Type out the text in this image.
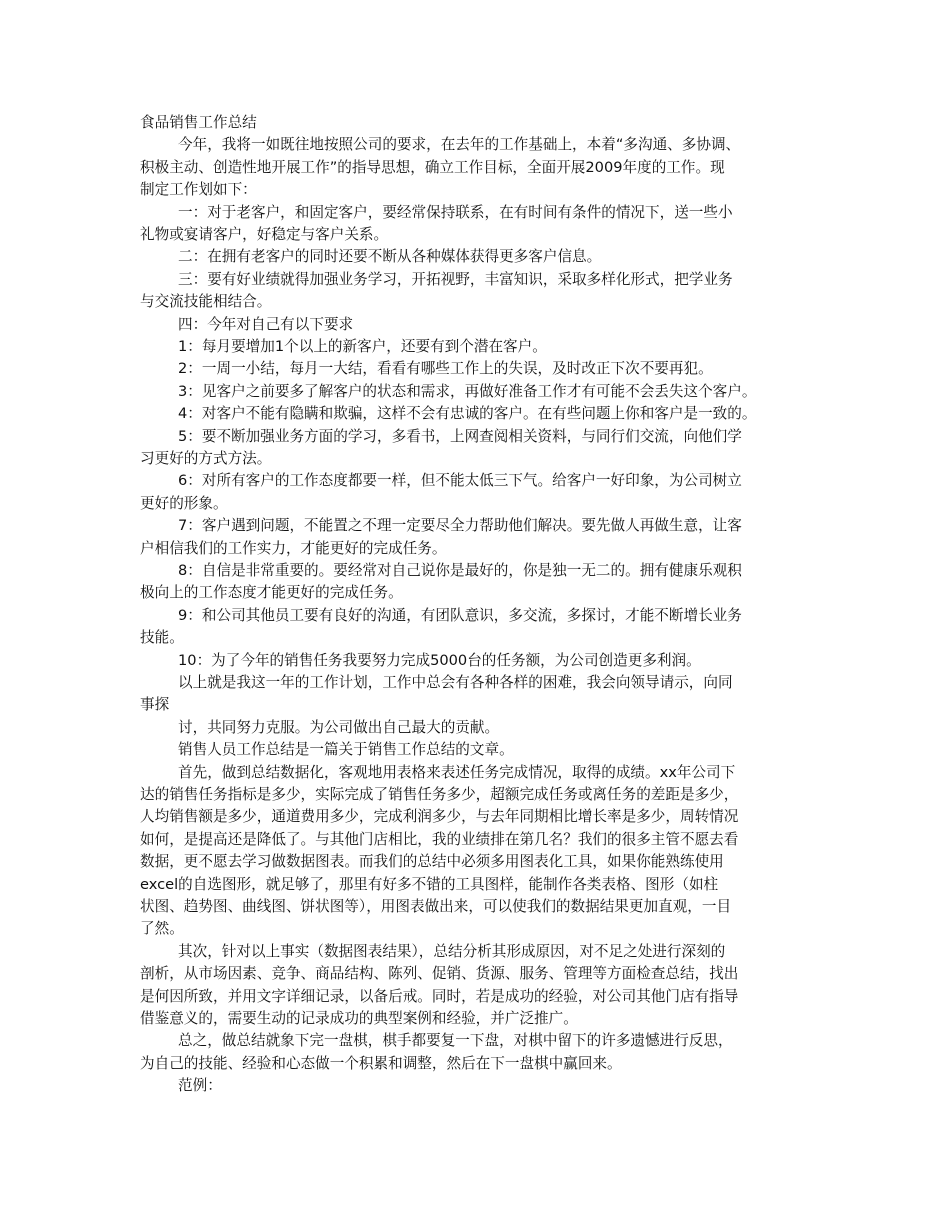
食品销售工作总结
今年，我将一如既往地按照公司的要求，在去年的工作基础上，本着“多沟通、多协调、
积极主动、创造性地开展工作”的指导思想，确立工作目标，全面开展2009年度的工作。现
制定工作划如下：
一：对于老客户，和固定客户，要经常保持联系，在有时间有条件的情况下，送一些小
礼物或宴请客户，好稳定与客户关系。
二：在拥有老客户的同时还要不断从各种媒体获得更多客户信息。
三：要有好业绩就得加强业务学习，开拓视野，丰富知识，采取多样化形式，把学业务
与交流技能相结合。
四：今年对自己有以下要求
1：每月要增加1个以上的新客户，还要有到个潜在客户。
2：一周一小结，每月一大结，看看有哪些工作上的失误，及时改正下次不要再犯。
3：见客户之前要多了解客户的状态和需求，再做好准备工作才有可能不会丢失这个客户。
4：对客户不能有隐瞒和欺骗，这样不会有忠诚的客户。在有些问题上你和客户是一致的。
5：要不断加强业务方面的学习，多看书，上网查阅相关资料，与同行们交流，向他们学
习更好的方式方法。
6：对所有客户的工作态度都要一样，但不能太低三下气。给客户一好印象，为公司树立
更好的形象。
7：客户遇到问题，不能置之不理一定要尽全力帮助他们解决。要先做人再做生意，让客
户相信我们的工作实力，才能更好的完成任务。
8：自信是非常重要的。要经常对自己说你是最好的，你是独一无二的。拥有健康乐观积
极向上的工作态度才能更好的完成任务。
9：和公司其他员工要有良好的沟通，有团队意识，多交流，多探讨，才能不断增长业务
技能。
10：为了今年的销售任务我要努力完成5000台的任务额，为公司创造更多利润。
以上就是我这一年的工作计划，工作中总会有各种各样的困难，我会向领导请示，向同
事探
讨，共同努力克服。为公司做出自己最大的贡献。
销售人员工作总结是一篇关于销售工作总结的文章。
首先，做到总结数据化，客观地用表格来表述任务完成情况，取得的成绩。xx年公司下
达的销售任务指标是多少，实际完成了销售任务多少，超额完成任务或离任务的差距是多少，
人均销售额是多少，通道费用多少，完成利润多少，与去年同期相比增长率是多少，周转情况
如何，是提高还是降低了。与其他门店相比，我的业绩排在第几名？我们的很多主管不愿去看
数据，更不愿去学习做数据图表。而我们的总结中必须多用图表化工具，如果你能熟练使用
excel的自选图形，就足够了，那里有好多不错的工具图样，能制作各类表格、图形（如柱
状图、趋势图、曲线图、饼状图等），用图表做出来，可以使我们的数据结果更加直观，一目
了然。
其次，针对以上事实（数据图表结果），总结分析其形成原因，对不足之处进行深刻的
剖析，从市场因素、竞争、商品结构、陈列、促销、货源、服务、管理等方面检查总结，找出
是何因所致，并用文字详细记录，以备后戒。同时，若是成功的经验，对公司其他门店有指导
借鉴意义的，需要生动的记录成功的典型案例和经验，并广泛推广。
总之，做总结就象下完一盘棋，棋手都要复一下盘，对棋中留下的许多遗憾进行反思，
为自己的技能、经验和心态做一个积累和调整，然后在下一盘棋中赢回来。
范例：
